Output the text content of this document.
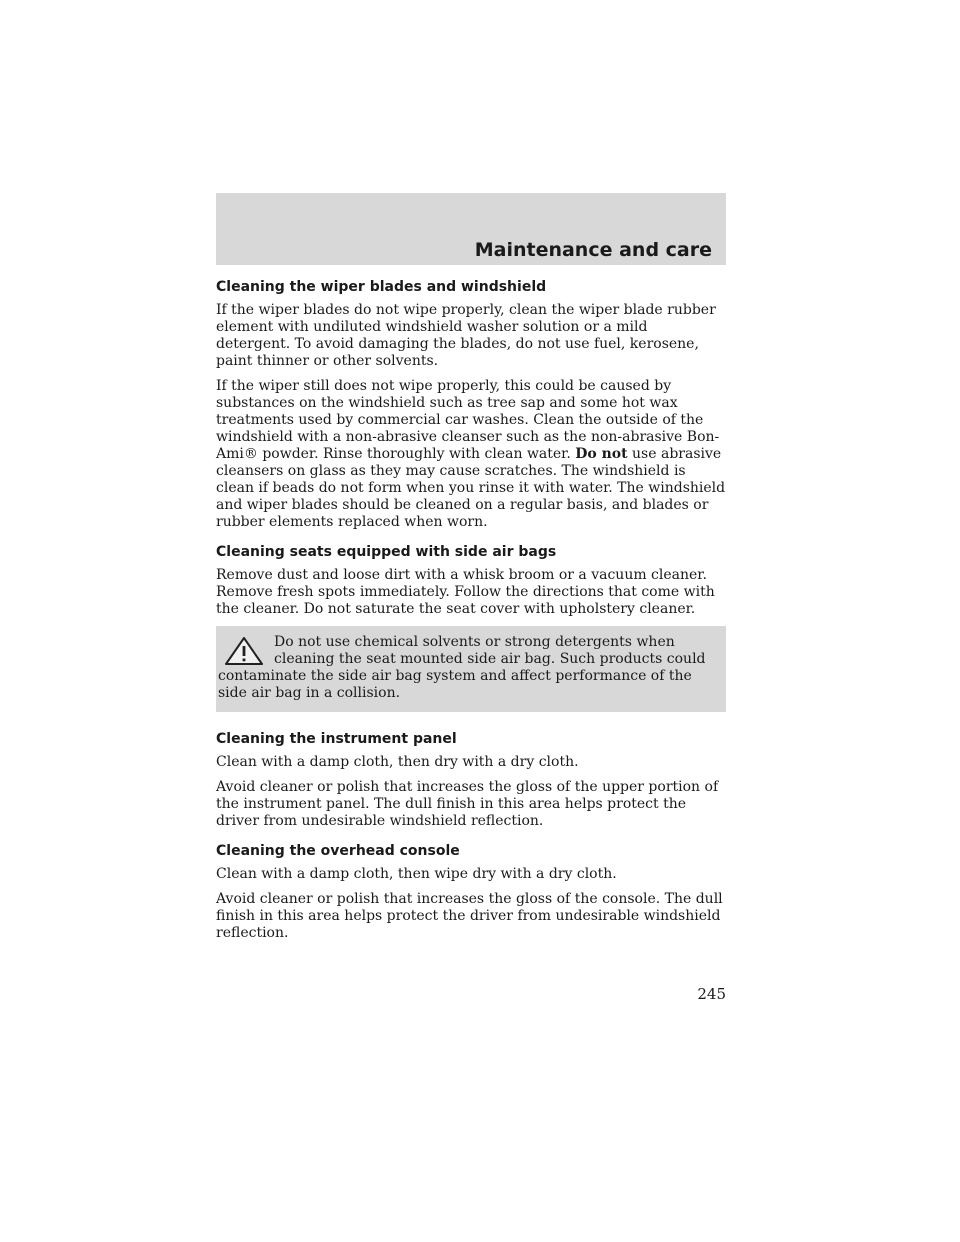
Maintenance and care
Cleaning the wiper blades and windshield

If the wiper blades do not wipe properly, clean the wiper blade rubber element with undiluted windshield washer solution or a mild detergent. To avoid damaging the blades, do not use fuel, kerosene, paint thinner or other solvents.

If the wiper still does not wipe properly, this could be caused by substances on the windshield such as tree sap and some hot wax treatments used by commercial car washes. Clean the outside of the windshield with a non-abrasive cleanser such as the non-abrasive Bon-Ami® powder. Rinse thoroughly with clean water. Do not use abrasive cleansers on glass as they may cause scratches. The windshield is clean if beads do not form when you rinse it with water. The windshield and wiper blades should be cleaned on a regular basis, and blades or rubber elements replaced when worn.

Cleaning seats equipped with side air bags

Remove dust and loose dirt with a whisk broom or a vacuum cleaner. Remove fresh spots immediately. Follow the directions that come with the cleaner. Do not saturate the seat cover with upholstery cleaner.

Do not use chemical solvents or strong detergents when cleaning the seat mounted side air bag. Such products could contaminate the side air bag system and affect performance of the side air bag in a collision.
Cleaning the instrument panel

Clean with a damp cloth, then dry with a dry cloth.

Avoid cleaner or polish that increases the gloss of the upper portion of the instrument panel. The dull finish in this area helps protect the driver from undesirable windshield reflection.

Cleaning the overhead console

Clean with a damp cloth, then wipe dry with a dry cloth.

Avoid cleaner or polish that increases the gloss of the console. The dull finish in this area helps protect the driver from undesirable windshield reflection.

245
